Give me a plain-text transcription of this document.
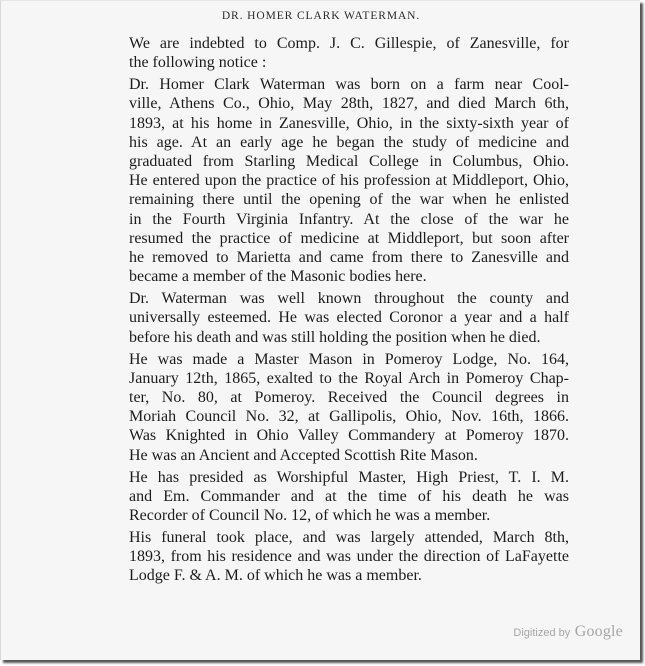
DR. HOMER CLARK WATERMAN.

We are indebted to Comp. J. C. Gillespie, of Zanesville, for
the following notice :

Dr. Homer Clark Waterman was born on a farm near Cool-
ville, Athens Co., Ohio, May 28th, 1827, and died March 6th,
1893, at his home in Zanesville, Ohio, in the sixty-sixth year of
his age. At an early age he began the study of medicine and
graduated from Starling Medical College in Columbus, Ohio.
He entered upon the practice of his profession at Middleport, Ohio,
remaining there until the opening of the war when he enlisted
in the Fourth Virginia Infantry. At the close of the war he
resumed the practice of medicine at Middleport, but soon after
he removed to Marietta and came from there to Zanesville and
became a member of the Masonic bodies here.

Dr. Waterman was well known throughout the county and
universally esteemed. He was elected Coronor a year and a half
before his death and was still holding the position when he died.

He was made a Master Mason in Pomeroy Lodge, No. 164,
January 12th, 1865, exalted to the Royal Arch in Pomeroy Chap-
ter, No. 80, at Pomeroy. Received the Council degrees in
Moriah Council No. 32, at Gallipolis, Ohio, Nov. 16th, 1866.
Was Knighted in Ohio Valley Commandery at Pomeroy 1870.
He was an Ancient and Accepted Scottish Rite Mason.

He has presided as Worshipful Master, High Priest, T. I. M.
and Em. Commander and at the time of his death he was
Recorder of Council No. 12, of which he was a member.

His funeral took place, and was largely attended, March 8th,
1893, from his residence and was under the direction of LaFayette
Lodge F. & A. M. of which he was a member.

Digitized by Google
